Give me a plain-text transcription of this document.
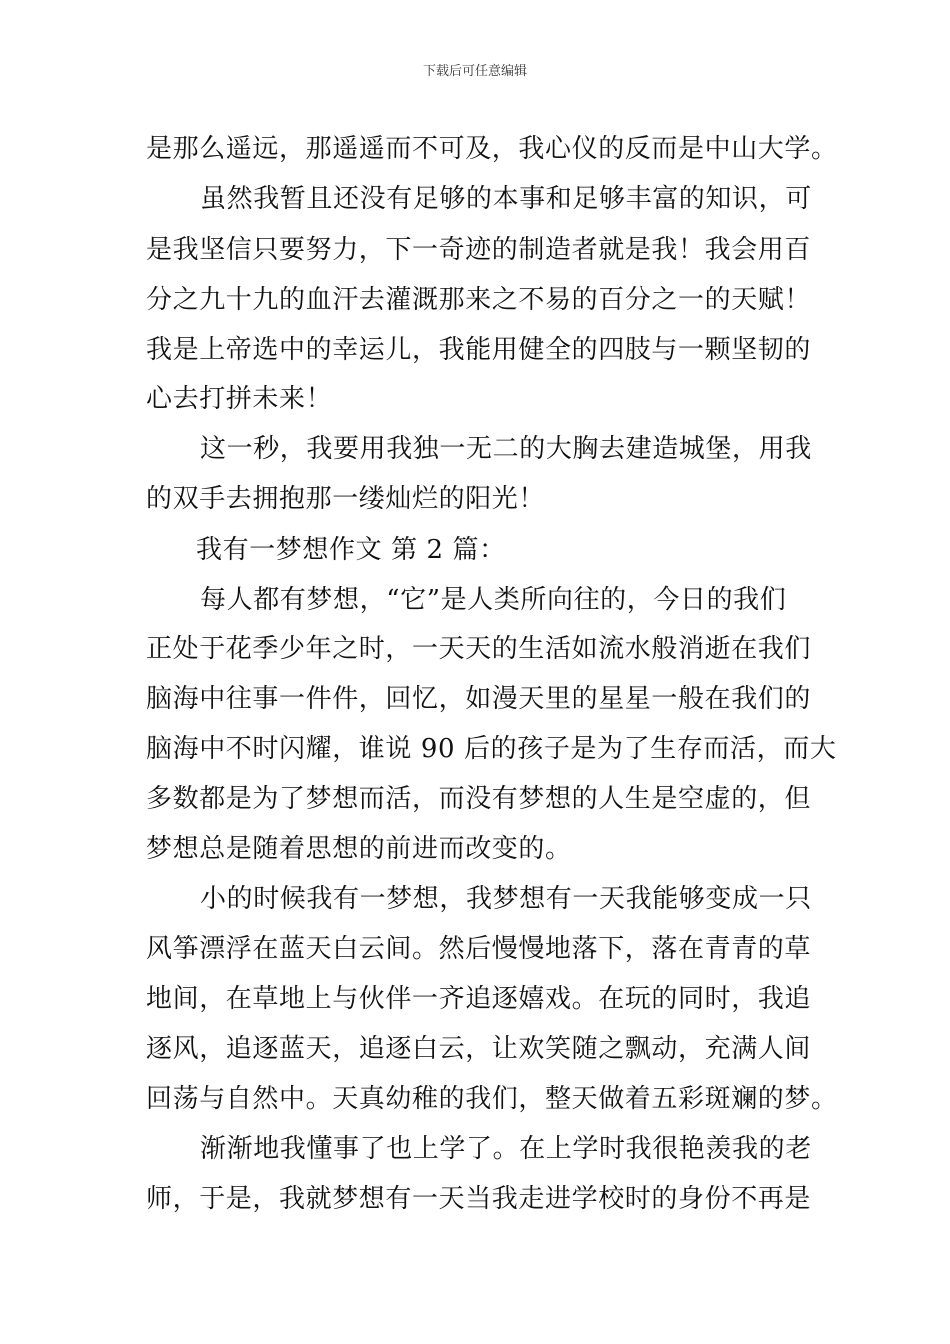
下载后可任意编辑
是那么遥远，那遥遥而不可及，我心仪的反而是中山大学。
虽然我暂且还没有足够的本事和足够丰富的知识，可
是我坚信只要努力，下一奇迹的制造者就是我！我会用百
分之九十九的血汗去灌溉那来之不易的百分之一的天赋！
我是上帝选中的幸运儿，我能用健全的四肢与一颗坚韧的
心去打拼未来！
这一秒，我要用我独一无二的大胸去建造城堡，用我
的双手去拥抱那一缕灿烂的阳光！
我有一梦想作文 第 2 篇：
每人都有梦想，“它”是人类所向往的，今日的我们
正处于花季少年之时，一天天的生活如流水般消逝在我们
脑海中往事一件件，回忆，如漫天里的星星一般在我们的
脑海中不时闪耀，谁说 90 后的孩子是为了生存而活，而大
多数都是为了梦想而活，而没有梦想的人生是空虚的，但
梦想总是随着思想的前进而改变的。
小的时候我有一梦想，我梦想有一天我能够变成一只
风筝漂浮在蓝天白云间。然后慢慢地落下，落在青青的草
地间，在草地上与伙伴一齐追逐嬉戏。在玩的同时，我追
逐风，追逐蓝天，追逐白云，让欢笑随之飘动，充满人间
回荡与自然中。天真幼稚的我们，整天做着五彩斑斓的梦。
渐渐地我懂事了也上学了。在上学时我很艳羡我的老
师，于是，我就梦想有一天当我走进学校时的身份不再是
